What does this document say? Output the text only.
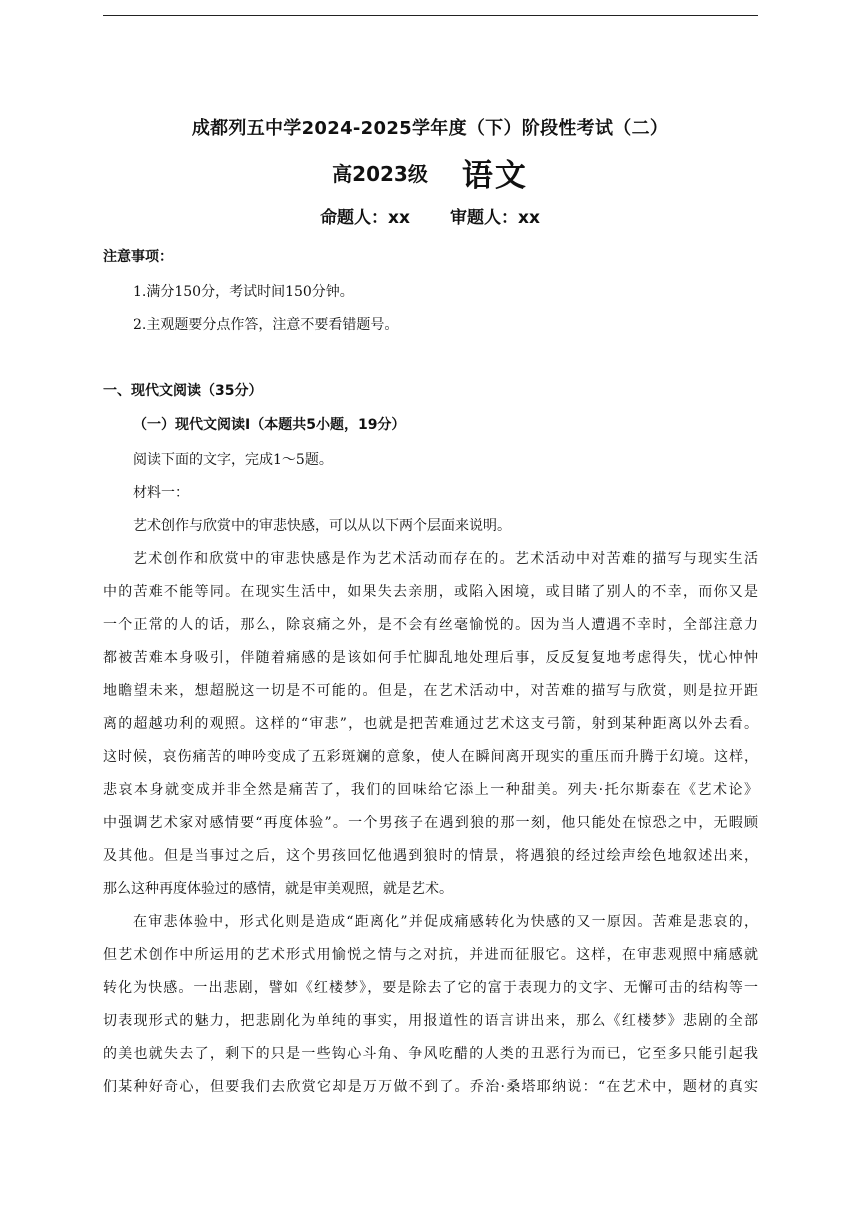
成都列五中学2024-2025学年度（下）阶段性考试（二）
高2023级 语文
命题人：xx 审题人：xx
注意事项：
1.满分150分，考试时间150分钟。
2.主观题要分点作答，注意不要看错题号。
一、现代文阅读（35分）
（一）现代文阅读Ⅰ（本题共5小题，19分）
阅读下面的文字，完成1～5题。
材料一：
艺术创作与欣赏中的审悲快感，可以从以下两个层面来说明。
艺术创作和欣赏中的审悲快感是作为艺术活动而存在的。艺术活动中对苦难的描写与现实生活
中的苦难不能等同。在现实生活中，如果失去亲朋，或陷入困境，或目睹了别人的不幸，而你又是
一个正常的人的话，那么，除哀痛之外，是不会有丝毫愉悦的。因为当人遭遇不幸时，全部注意力
都被苦难本身吸引，伴随着痛感的是该如何手忙脚乱地处理后事，反反复复地考虑得失，忧心忡忡
地瞻望未来，想超脱这一切是不可能的。但是，在艺术活动中，对苦难的描写与欣赏，则是拉开距
离的超越功利的观照。这样的“审悲”，也就是把苦难通过艺术这支弓箭，射到某种距离以外去看。
这时候，哀伤痛苦的呻吟变成了五彩斑斓的意象，使人在瞬间离开现实的重压而升腾于幻境。这样，
悲哀本身就变成并非全然是痛苦了，我们的回味给它添上一种甜美。列夫·托尔斯泰在《艺术论》
中强调艺术家对感情要“再度体验”。一个男孩子在遇到狼的那一刻，他只能处在惊恐之中，无暇顾
及其他。但是当事过之后，这个男孩回忆他遇到狼时的情景，将遇狼的经过绘声绘色地叙述出来，
那么这种再度体验过的感情，就是审美观照，就是艺术。
在审悲体验中，形式化则是造成“距离化”并促成痛感转化为快感的又一原因。苦难是悲哀的，
但艺术创作中所运用的艺术形式用愉悦之情与之对抗，并进而征服它。这样，在审悲观照中痛感就
转化为快感。一出悲剧，譬如《红楼梦》，要是除去了它的富于表现力的文字、无懈可击的结构等一
切表现形式的魅力，把悲剧化为单纯的事实，用报道性的语言讲出来，那么《红楼梦》悲剧的全部
的美也就失去了，剩下的只是一些钩心斗角、争风吃醋的人类的丑恶行为而已，它至多只能引起我
们某种好奇心，但要我们去欣赏它却是万万做不到了。乔治·桑塔耶纳说：“在艺术中，题材的真实
